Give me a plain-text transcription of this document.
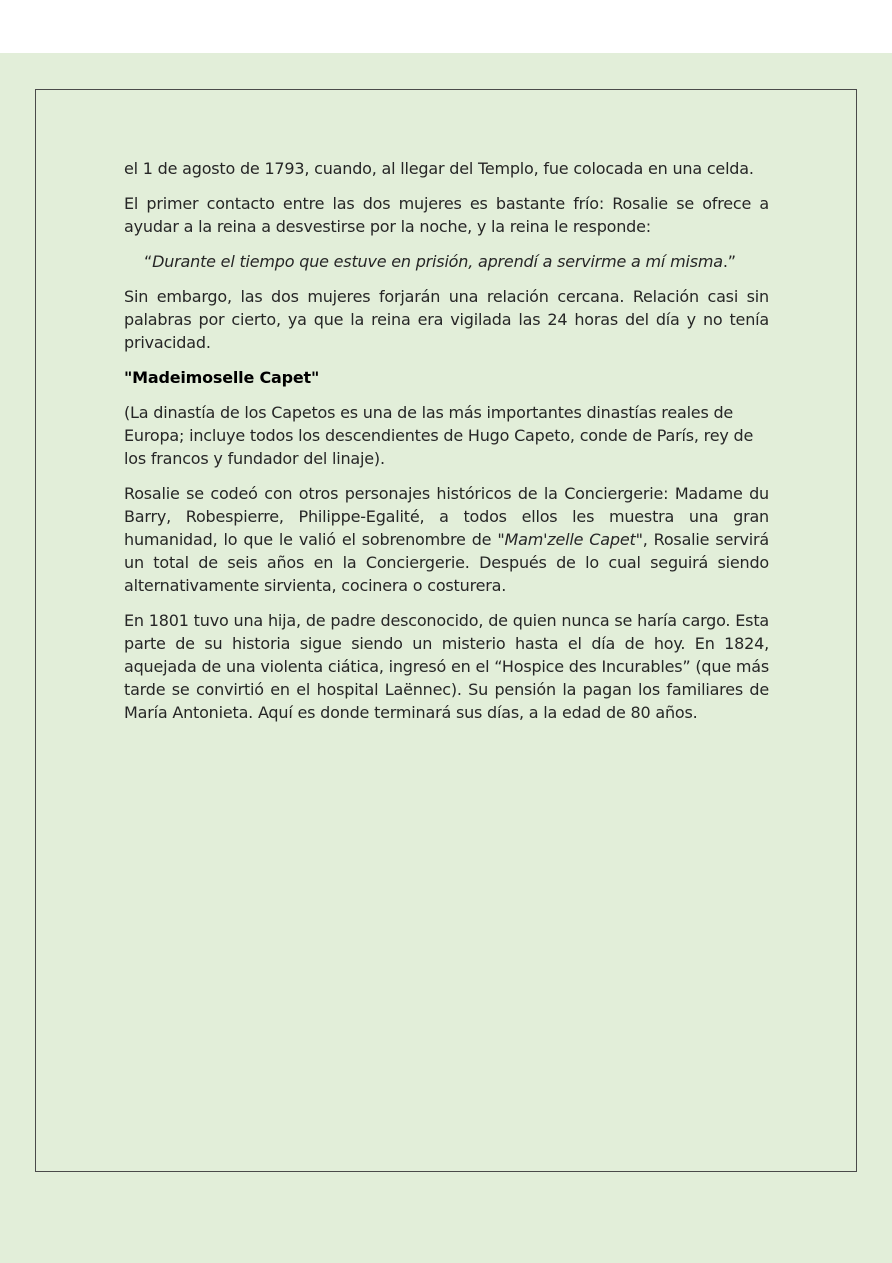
el 1 de agosto de 1793, cuando, al llegar del Templo, fue colocada en una celda.

El primer contacto entre las dos mujeres es bastante frío: Rosalie se ofrece a ayudar a la reina a desvestirse por la noche, y la reina le responde:

“Durante el tiempo que estuve en prisión, aprendí a servirme a mí misma.”

Sin embargo, las dos mujeres forjarán una relación cercana. Relación casi sin palabras por cierto, ya que la reina era vigilada las 24 horas del día y no tenía privacidad.

"Madeimoselle Capet"

(La dinastía de los Capetos es una de las más importantes dinastías reales de Europa; incluye todos los descendientes de Hugo Capeto, conde de París, rey de los francos y fundador del linaje).

Rosalie se codeó con otros personajes históricos de la Conciergerie: Madame du Barry, Robespierre, Philippe-Egalité, a todos ellos les muestra una gran humanidad, lo que le valió el sobrenombre de "Mam'zelle Capet", Rosalie servirá un total de seis años en la Conciergerie. Después de lo cual seguirá siendo alternativamente sirvienta, cocinera o costurera.

En 1801 tuvo una hija, de padre desconocido, de quien nunca se haría cargo. Esta parte de su historia sigue siendo un misterio hasta el día de hoy. En 1824, aquejada de una violenta ciática, ingresó en el “Hospice des Incurables” (que más tarde se convirtió en el hospital Laënnec). Su pensión la pagan los familiares de María Antonieta. Aquí es donde terminará sus días, a la edad de 80 años.
